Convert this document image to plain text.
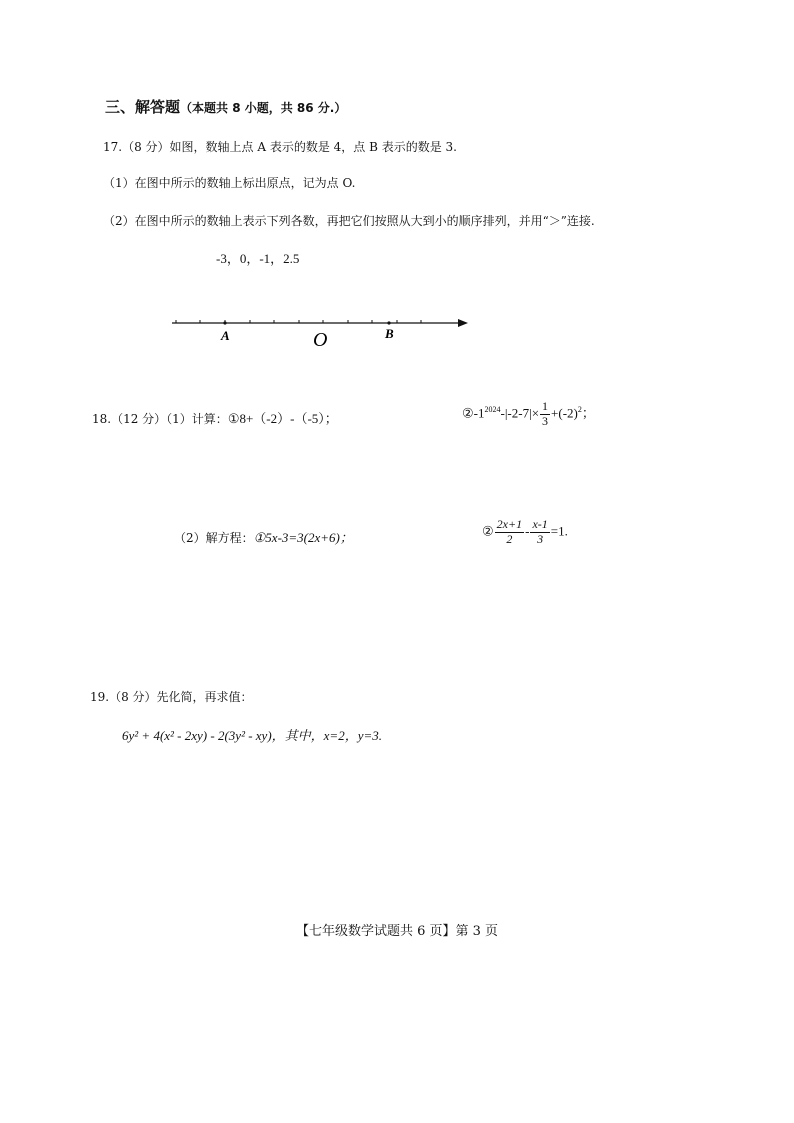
三、解答题（本题共 8 小题，共 86 分.）
17.（8 分）如图，数轴上点 A 表示的数是 4，点 B 表示的数是 3.
（1）在图中所示的数轴上标出原点，记为点 O.
（2）在图中所示的数轴上表示下列各数，再把它们按照从大到小的顺序排列，并用“＞”连接.
-3，0，-1，2.5
A	B
O
18.（12 分）（1）计算：①8+（-2）-（-5）；	$②-1^{2024}-|-2-7|\times \frac{1}{3} +(-2)^2$；
（2）解方程：①5x-3=3(2x+6)；	② $\frac{2x+1}{2} - \frac{x-1}{3} =1$.
19.（8 分）先化简，再求值：
6y² + 4(x² - 2xy) - 2(3y² - xy)，其中，x=2，y=3.
【七年级数学试题共 6 页】第 3 页
